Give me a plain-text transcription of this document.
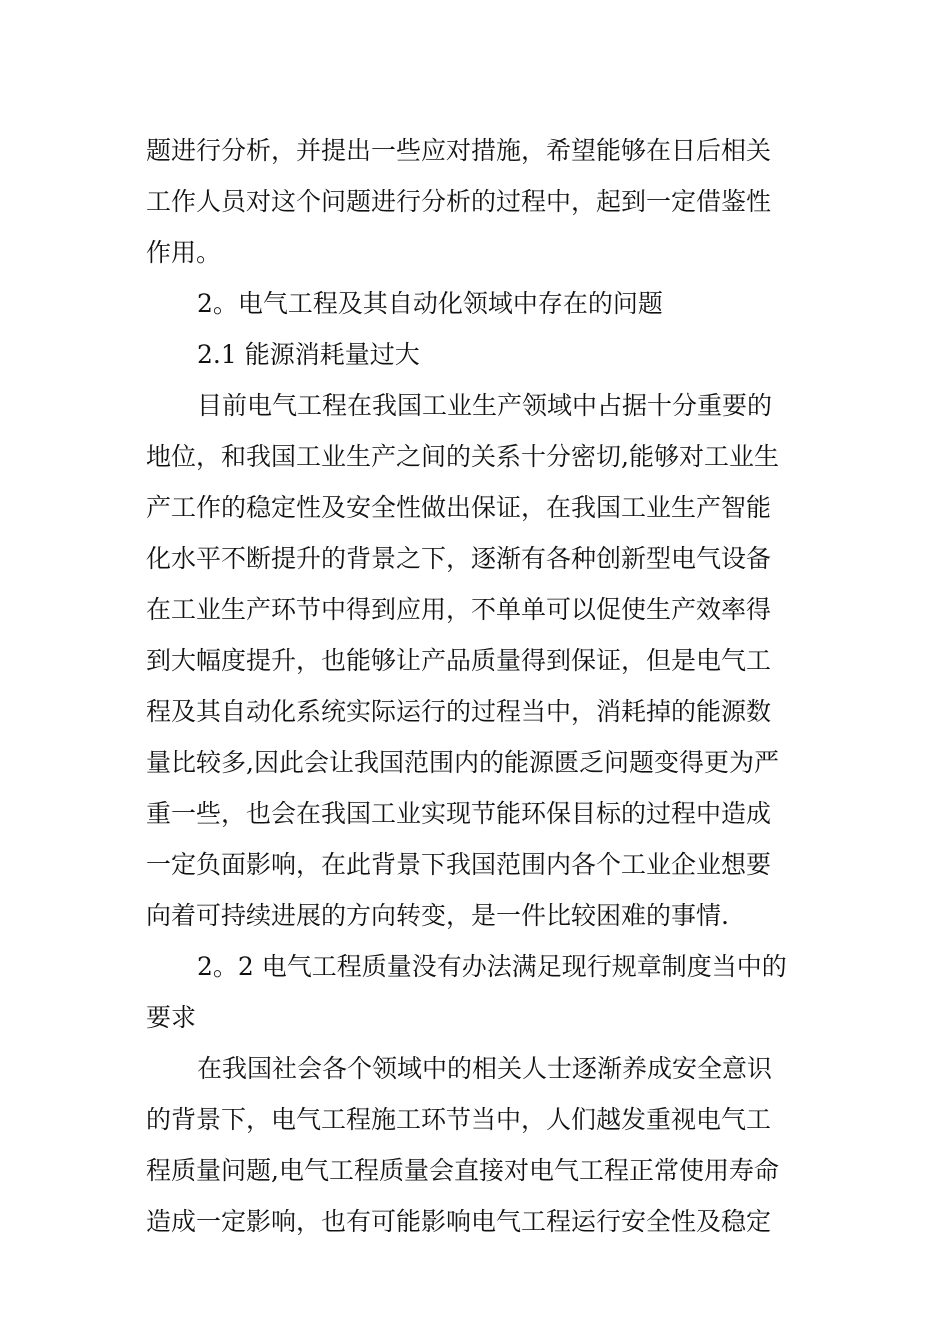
题进行分析，并提出一些应对措施，希望能够在日后相关
工作人员对这个问题进行分析的过程中，起到一定借鉴性
作用。
2。电气工程及其自动化领域中存在的问题
2.1 能源消耗量过大
目前电气工程在我国工业生产领域中占据十分重要的
地位，和我国工业生产之间的关系十分密切,能够对工业生
产工作的稳定性及安全性做出保证，在我国工业生产智能
化水平不断提升的背景之下，逐渐有各种创新型电气设备
在工业生产环节中得到应用，不单单可以促使生产效率得
到大幅度提升，也能够让产品质量得到保证，但是电气工
程及其自动化系统实际运行的过程当中，消耗掉的能源数
量比较多,因此会让我国范围内的能源匮乏问题变得更为严
重一些，也会在我国工业实现节能环保目标的过程中造成
一定负面影响，在此背景下我国范围内各个工业企业想要
向着可持续进展的方向转变，是一件比较困难的事情.
2。2 电气工程质量没有办法满足现行规章制度当中的
要求
在我国社会各个领域中的相关人士逐渐养成安全意识
的背景下，电气工程施工环节当中，人们越发重视电气工
程质量问题,电气工程质量会直接对电气工程正常使用寿命
造成一定影响，也有可能影响电气工程运行安全性及稳定
